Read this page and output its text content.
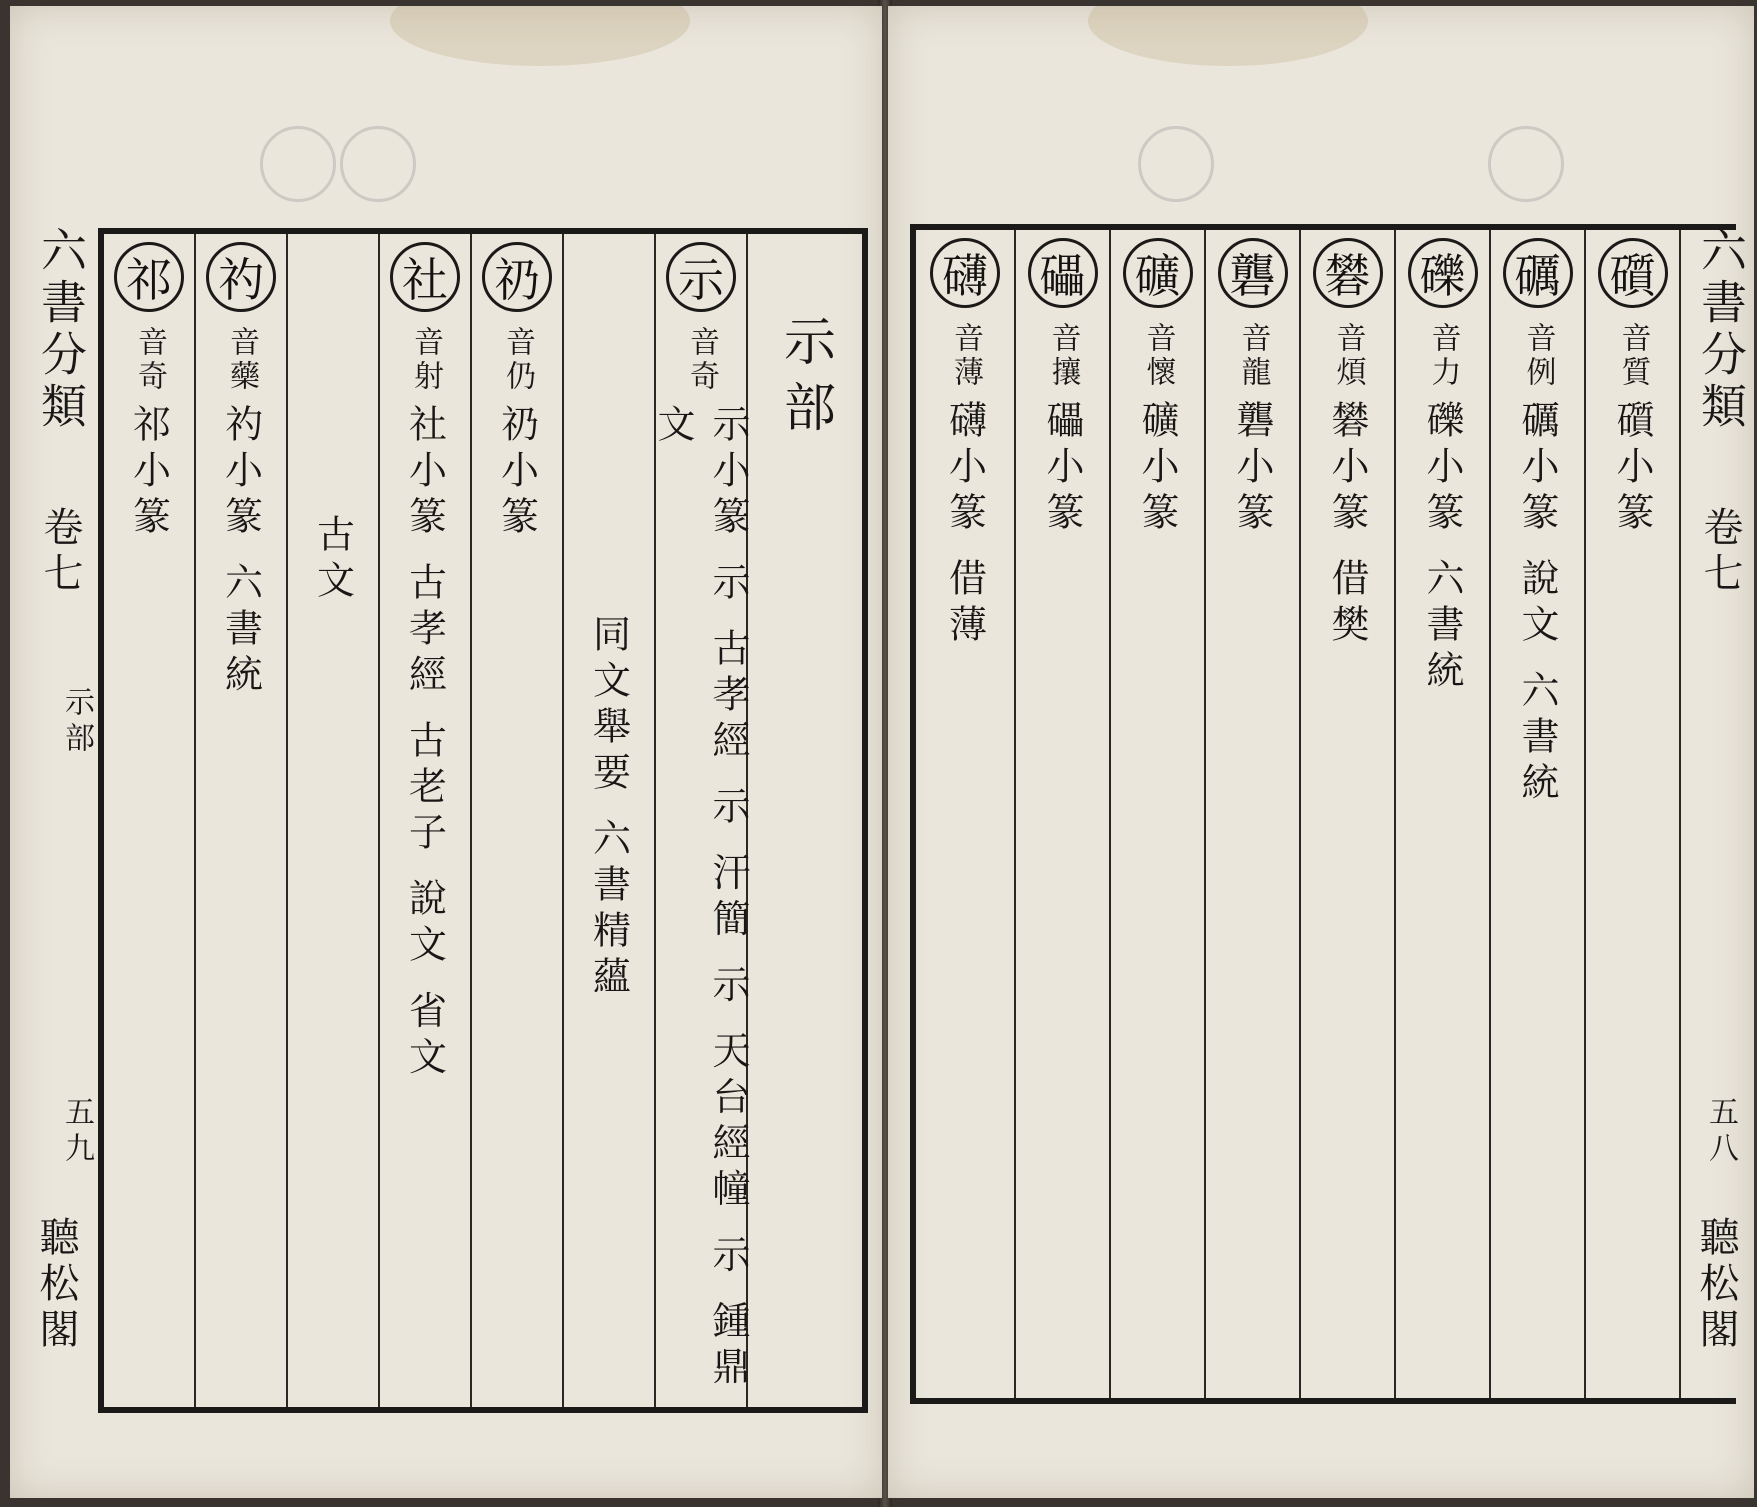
六書分類
卷七
示部
五九
聽松閣
祁
音奇
祁小篆
礿
音藥
礿小篆 六書統 古文
社
音射
社小篆 古孝經 古老子 說文 省文
礽
音仍
礽小篆
同文舉要 六書精蘊
示
音奇
示小篆 示 古孝經 示 汗簡 示 天台經幢 示 鍾鼎文	示部
礴
音薄
礴小篆 借薄
礧
音攘
礧小篆
礦
音懷
礦小篆
礱
音龍
礱小篆
礬
音煩
礬小篆 借樊
礫
音力
礫小篆 六書統
礪
音例
礪小篆 說文 六書統
礩
音質
礩小篆
六書分類
卷七
五八
聽松閣
